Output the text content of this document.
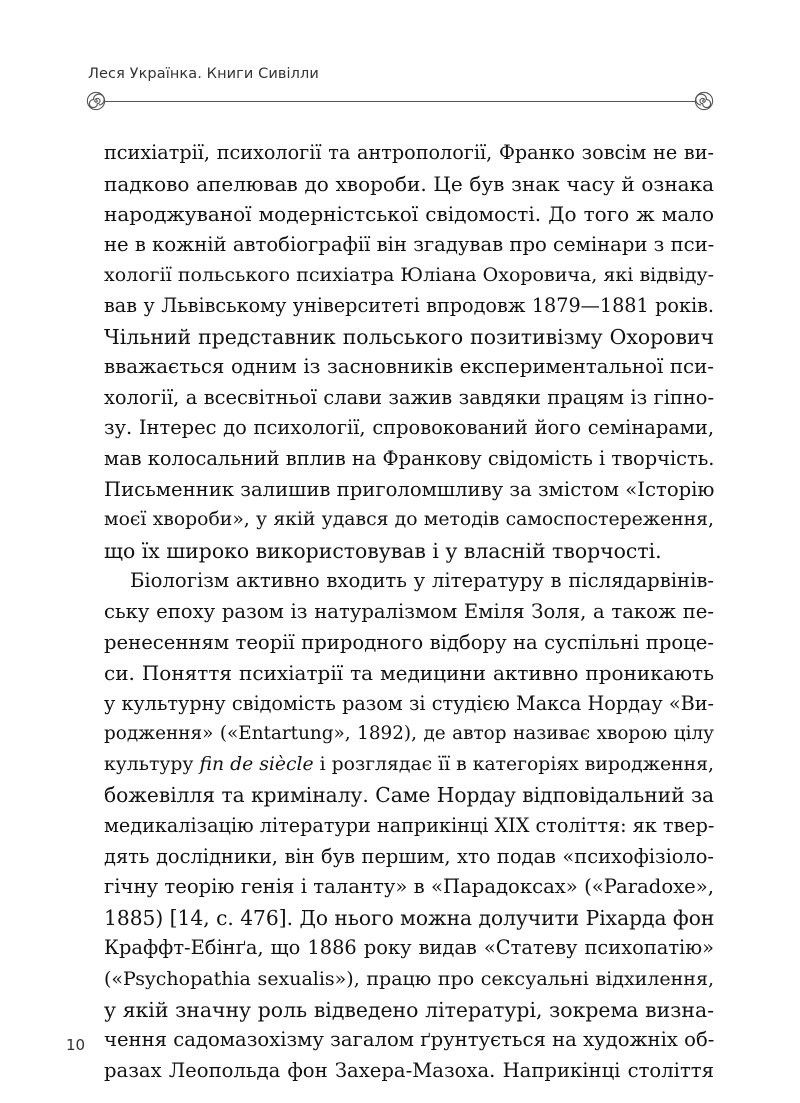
Леся Українка. Книги Сивілли
психіатрії, психології та антропології, Франко зовсім не ви-
падково апелював до хвороби. Це був знак часу й ознака
народжуваної модерністської свідомості. До того ж мало
не в кожній автобіографії він згадував про семінари з пси-
хології польського психіатра Юліана Охоровича, які відвіду-
вав у Львівському університеті впродовж 1879—1881 років.
Чільний представник польського позитивізму Охорович
вважається одним із засновників експериментальної пси-
хології, а всесвітньої слави зажив завдяки працям із гіпно-
зу. Інтерес до психології, спровокований його семінарами,
мав колосальний вплив на Франкову свідомість і творчість.
Письменник залишив приголомшливу за змістом «Історію
моєї хвороби», у якій удався до методів самоспостереження,
що їх широко використовував і у власній творчості.
Біологізм активно входить у літературу в післядарвінів-
ську епоху разом із натуралізмом Еміля Золя, а також пе-
ренесенням теорії природного відбору на суспільні проце-
си. Поняття психіатрії та медицини активно проникають
у культурну свідомість разом зі студією Макса Нордау «Ви-
родження» («Entartung», 1892), де автор називає хворою цілу
культуру fin de siècle і розглядає її в категоріях виродження,
божевілля та криміналу. Саме Нордау відповідальний за
медикалізацію літератури наприкінці ХІХ століття: як твер-
дять дослідники, він був першим, хто подав «психофізіоло-
гічну теорію генія і таланту» в «Парадоксах» («Paradoxe»,
1885) [14, с. 476]. До нього можна долучити Ріхарда фон
Краффт-Ебінґа, що 1886 року видав «Статеву психопатію»
(«Psychopathia sexualis»), працю про сексуальні відхилення,
у якій значну роль відведено літературі, зокрема визна-
чення садомазохізму загалом ґрунтується на художніх об-
разах Леопольда фон Захера-Мазоха. Наприкінці століття
10
